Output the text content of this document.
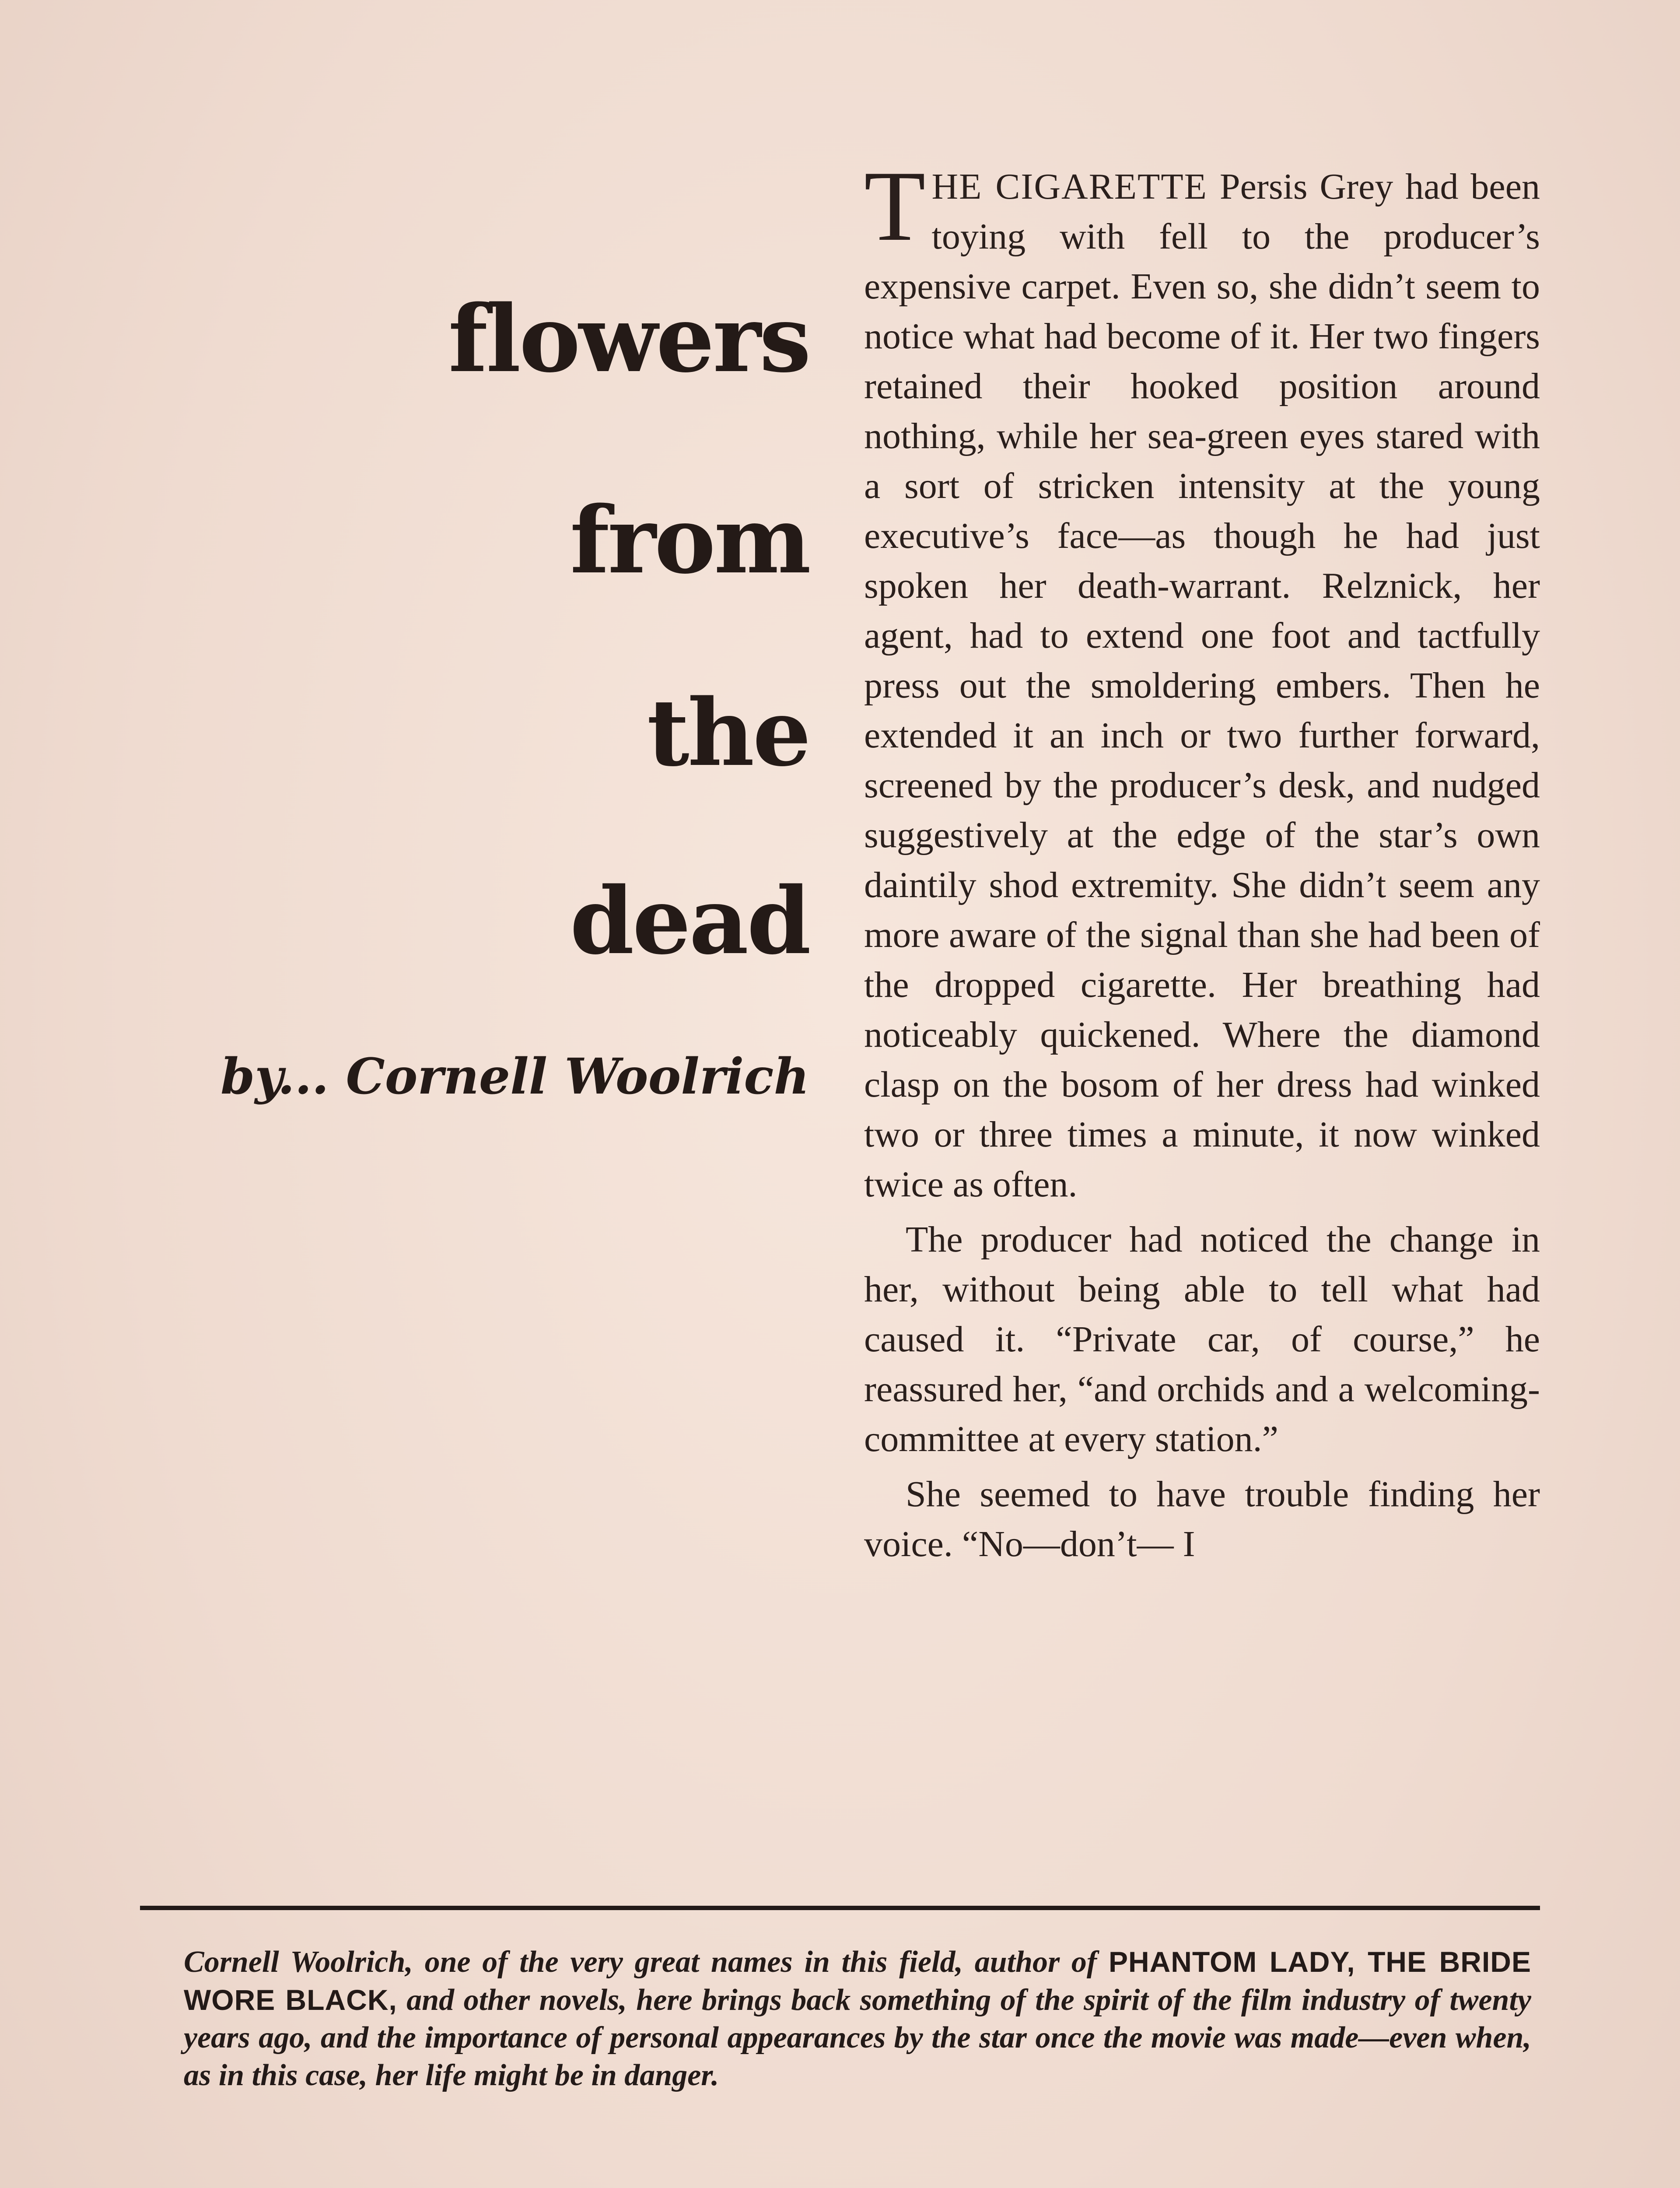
flowers
from
the
dead

by... Cornell Woolrich

THE CIGARETTE Persis Grey had been toying with fell to the producer’s expensive carpet. Even so, she didn’t seem to notice what had become of it. Her two fingers retained their hooked position around nothing, while her sea-green eyes stared with a sort of stricken intensity at the young executive’s face—as though he had just spoken her death-warrant. Relznick, her agent, had to extend one foot and tactfully press out the smoldering embers. Then he extended it an inch or two further forward, screened by the producer’s desk, and nudged suggestively at the edge of the star’s own daintily shod extremity. She didn’t seem any more aware of the signal than she had been of the dropped cigarette. Her breathing had noticeably quickened. Where the diamond clasp on the bosom of her dress had winked two or three times a minute, it now winked twice as often.

The producer had noticed the change in her, without being able to tell what had caused it. “Private car, of course,” he reassured her, “and orchids and a welcoming-committee at every station.”

She seemed to have trouble finding her voice. “No—don’t— I

Cornell Woolrich, one of the very great names in this field, author of PHANTOM LADY, THE BRIDE WORE BLACK, and other novels, here brings back something of the spirit of the film industry of twenty years ago, and the importance of personal appearances by the star once the movie was made—even when, as in this case, her life might be in danger.
